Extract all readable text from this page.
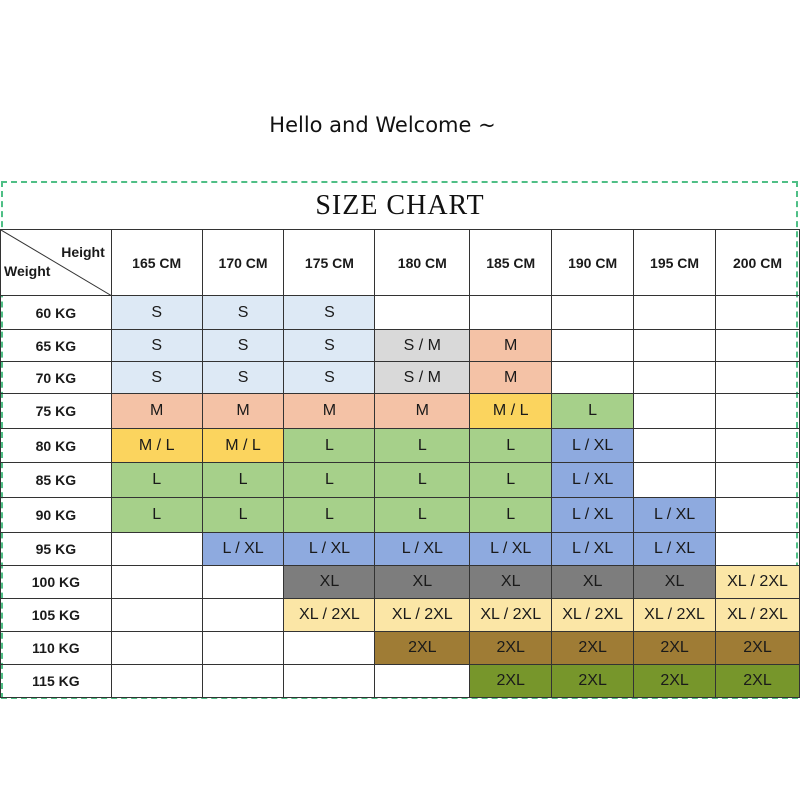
Hello and Welcome ~
SIZE CHART
Height
Weight	165 CM	170 CM	175 CM	180 CM	185 CM	190 CM	195 CM	200 CM
60 KG	S	S	S					
65 KG	S	S	S	S / M	M			
70 KG	S	S	S	S / M	M			
75 KG	M	M	M	M	M / L	L		
80 KG	M / L	M / L	L	L	L	L / XL		
85 KG	L	L	L	L	L	L / XL		
90 KG	L	L	L	L	L	L / XL	L / XL	
95 KG		L / XL	L / XL	L / XL	L / XL	L / XL	L / XL	
100 KG			XL	XL	XL	XL	XL	XL / 2XL
105 KG			XL / 2XL	XL / 2XL	XL / 2XL	XL / 2XL	XL / 2XL	XL / 2XL
110 KG				2XL	2XL	2XL	2XL	2XL
115 KG					2XL	2XL	2XL	2XL
